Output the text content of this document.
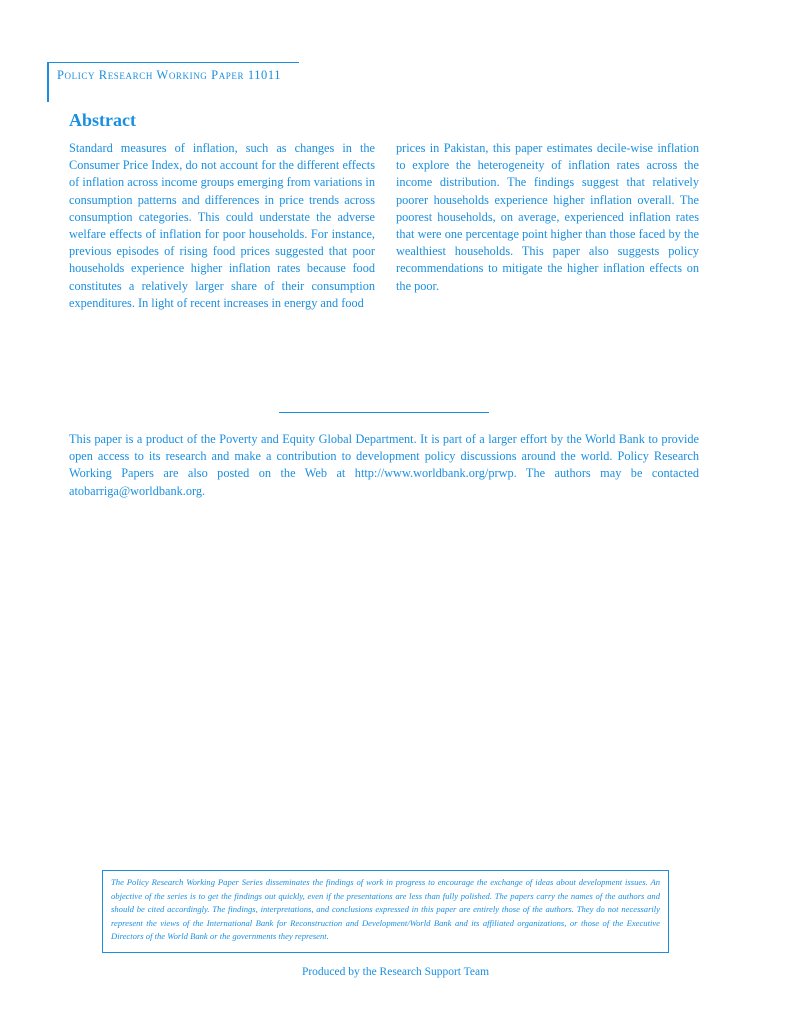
Policy Research Working Paper 11011
Abstract

Standard measures of inflation, such as changes in the Consumer Price Index, do not account for the different effects of inflation across income groups emerging from variations in consumption patterns and differences in price trends across consumption categories. This could understate the adverse welfare effects of inflation for poor households. For instance, previous episodes of rising food prices suggested that poor households experience higher inflation rates because food constitutes a relatively larger share of their consumption expenditures. In light of recent increases in energy and food

prices in Pakistan, this paper estimates decile-wise inflation to explore the heterogeneity of inflation rates across the income distribution. The findings suggest that relatively poorer households experience higher inflation overall. The poorest households, on average, experienced inflation rates that were one percentage point higher than those faced by the wealthiest households. This paper also suggests policy recommendations to mitigate the higher inflation effects on the poor.

This paper is a product of the Poverty and Equity Global Department. It is part of a larger effort by the World Bank to provide open access to its research and make a contribution to development policy discussions around the world. Policy Research Working Papers are also posted on the Web at http://www.worldbank.org/prwp. The authors may be contacted atobarriga@worldbank.org.

The Policy Research Working Paper Series disseminates the findings of work in progress to encourage the exchange of ideas about development issues. An objective of the series is to get the findings out quickly, even if the presentations are less than fully polished. The papers carry the names of the authors and should be cited accordingly. The findings, interpretations, and conclusions expressed in this paper are entirely those of the authors. They do not necessarily represent the views of the International Bank for Reconstruction and Development/World Bank and its affiliated organizations, or those of the Executive Directors of the World Bank or the governments they represent.

Produced by the Research Support Team
